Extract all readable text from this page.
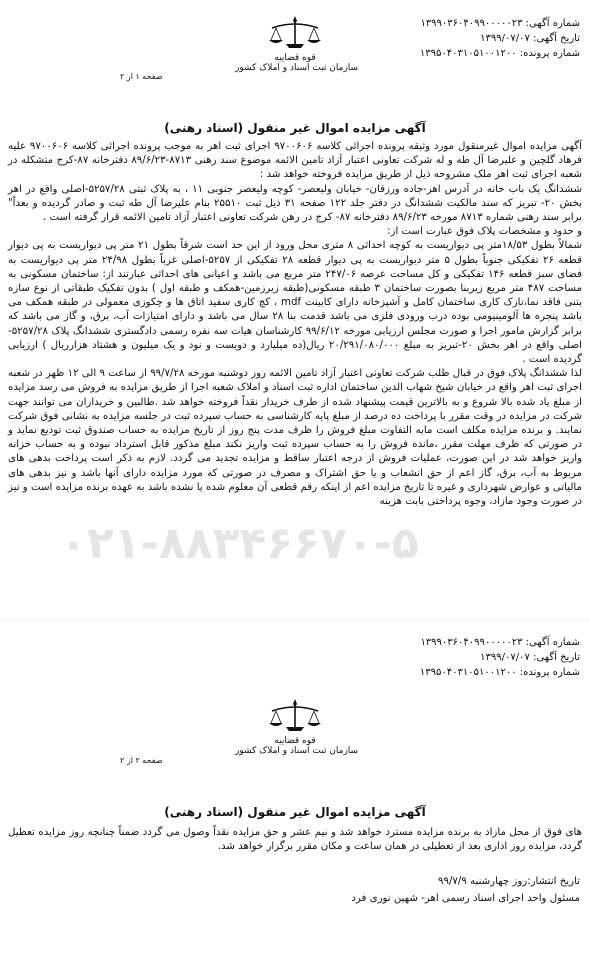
شماره آگهی: ۱۳۹۹۰۳۶۰۴۰۹۹۰۰۰۰۰۲۳
تاریخ آگهی: ۱۳۹۹/۰۷/۰۷
شماره پرونده: ۱۳۹۵۰۴۰۳۱۰۵۱۰۰۱۲۰۰
قوه قضاییه
سازمان ثبت اسناد و املاک کشور
صفحه ۱ از ۲
آگهی مزایده اموال غیر منقول (اسناد رهنی)
۰۲۱-۸۸۳۴۶۶۷۰-۵

آگهی مزایده اموال غیرمنقول مورد وثیقه پرونده اجرائی کلاسه ۹۷۰۰۶۰۶ اجرای ثبت اهر به موجب پرونده اجرائی کلاسه ۹۷۰۰۶۰۶ علیه فرهاد گلچین و علیرضا آل طه و له شرکت تعاونی اعتبار آزاد تامین الائمه موضوع سند رهنی ۸۷۱۳-۸۹/۶/۲۳ دفترخانه ۸۷-کرج متشکله در شعبه اجرای ثبت اهر ملک مشروحه ذیل از طریق مزایده فروخته خواهد شد :

ششدانگ یک باب خانه در آدرس اهر-جاده ورزقان- خیابان ولیعصر- کوچه ولیعصر جنوبی ۱۱ ، به پلاک ثبتی ۵۲۵۷/۲۸-اصلی واقع در اهر بخش ۲۰- تبریز که سند مالکیت ششدانگ در دفتر جلد ۱۲۲ صفحه ۳۱ ذیل ثبت ۲۵۵۱۰ بنام علیرضا آل طه ثبت و صادر گردیده و بعداً" برابر سند رهنی شماره ۸۷۱۳ مورخه ۸۹/۶/۲۳ دفترخانه ۸۷- کرج در رهن شرکت تعاونی اعتبار آزاد تامین الائمه قرار گرفته است .

و حدود و مشخصات پلاک فوق عبارت است از:

شمالاً بطول ۱۸/۵۳متر پی دیواریست به کوچه احداثی ۸ متری محل ورود از این حد است شرقاً بطول ۲۱ متر پی دیواریست به پی دیوار قطعه ۲۶ تفکیکی جنوباً بطول ۵ متر دیواریست به پی دیوار قطعه ۲۸ تفکیکی از ۵۲۵۷-اصلی غرباً بطول ۲۴/۹۸ متر پی دیواریست به فضای سبز قطعه ۱۴۶ تفکیکی و کل مساحت عرصه ۲۴۷/۰۶ متر مربع می باشد و اعیانی های احداثی عبارتند از: ساختمان مسکونی به مساحت ۴۸۷ متر مربع زیربنا بصورت ساختمان ۳ طبقه مسکونی(طبقه زیرزمین-همکف و طبقه اول ) بدون تفکیک طبقاتی از نوع سازه بتنی فاقد نما،نازک کاری ساختمان کامل و آشپزخانه دارای کابینت mdf ، کچ کاری سفید اتاق ها و چکوزی معمولی در طبقه همکف می باشد پنجره ها آلومینیومی بوده درب ورودی فلزی می باشد قدمت بنا ۲۸ سال می باشد و دارای امتیازات آب، برق، و گاز می باشد که برابر گزارش مامور اجرا و صورت مجلس ارزیابی مورخه ۹۹/۶/۱۲ کارشناسان هیات سه نفره رسمی دادگستری ششدانگ پلاک ۵۲۵۷/۲۸-اصلی واقع در اهر بخش ۲۰-تبریز به مبلغ ۲۰/۲۹۱/۰۸۰/۰۰۰ ریال(ده میلیارد و دویست و نود و یک میلیون و هشتاد هزارریال ) ارزیابی گردیده است .

لذا ششدانگ پلاک فوق در قبال طلب شرکت تعاونی اعتبار آزاد تامین الائمه روز دوشنبه مورخه ۹۹/۷/۲۸ از ساعت ۹ الی ۱۲ ظهر در شعبه اجرای ثبت اهر واقع در خیابان شیخ شهاب الدین ساختمان اداره ثبت اسناد و املاک شعبه اجرا از طریق مزایده به فروش می رسد مزایده از مبلغ یاد شده بالا شروع و به بالاترین قیمت پیشنهاد شده از طرف خریدار نقداً فروخته خواهد شد .طالبین و خریداران می توانند جهت شرکت در مزایده در وقت مقرر با پرداخت ده درصد از مبلغ پایه کارشناسی به حساب سپرده ثبت در جلسه مزایده به نشانی فوق شرکت نمایند. و برنده مزایده مکلف است مابه التفاوت مبلغ فروش را ظرف مدت پنج روز از تاریخ مزایده به حساب صندوق ثبت تودیع نماید و در صورتی که ظرف مهلت مقرر ،مانده فروش را به حساب سپرده ثبت واریز نکند مبلغ مذکور قابل استرداد نبوده و به حساب خزانه واریز خواهد شد در این صورت، عملیات فروش از درجه اعتبار ساقط و مزایده تجدید می گردد. لازم به ذکر است پرداخت بدهی های مربوط به آب، برق، گاز اعم از حق انشعاب و یا حق اشتراک و مصرف در صورتی که مورد مزایده دارای آنها باشد و نیز بدهی های مالیاتی و عوارض شهرداری و غیره تا تاریخ مزایده اعم از اینکه رقم قطعی آن معلوم شده یا نشده باشد به عهده برنده مزایده است و نیز در صورت وجود مازاد، وجوه پرداختی بابت هزینه

شماره آگهی: ۱۳۹۹۰۳۶۰۴۰۹۹۰۰۰۰۰۲۳
تاریخ آگهی: ۱۳۹۹/۰۷/۰۷
شماره پرونده: ۱۳۹۵۰۴۰۳۱۰۵۱۰۰۱۲۰۰
قوه قضاییه
سازمان ثبت اسناد و املاک کشور
صفحه ۲ از ۲
آگهی مزایده اموال غیر منقول (اسناد رهنی)

های فوق از محل مازاد به برنده مزایده مسترد خواهد شد و نیم عشر و حق مزایده نقداً وصول می گردد ضمناً چنانچه روز مزایده تعطیل گردد، مزایده روز اداری بعد از تعطیلی در همان ساعت و مکان مقرر برگزار خواهد شد.

تاریخ انتشار:روز چهارشنبه ۹۹/۷/۹
مسئول واحد اجرای اسناد رسمی اهر- شهین نوری فرد
